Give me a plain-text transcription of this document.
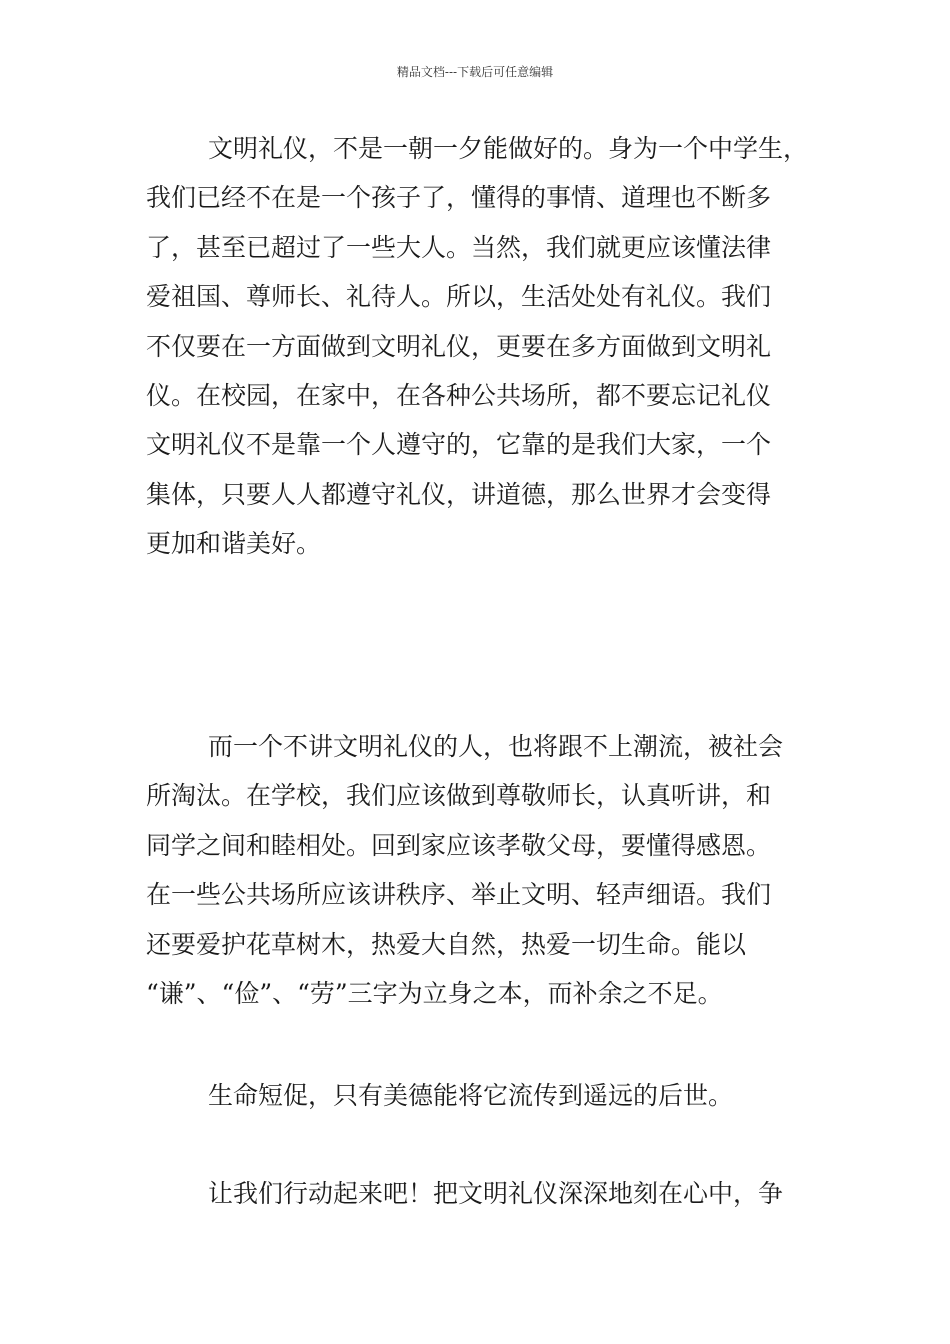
精品文档---下载后可任意编辑
文明礼仪，不是一朝一夕能做好的。身为一个中学生，
我们已经不在是一个孩子了，懂得的事情、道理也不断多
了，甚至已超过了一些大人。当然，我们就更应该懂法律
爱祖国、尊师长、礼待人。所以，生活处处有礼仪。我们
不仅要在一方面做到文明礼仪，更要在多方面做到文明礼
仪。在校园，在家中，在各种公共场所，都不要忘记礼仪
文明礼仪不是靠一个人遵守的，它靠的是我们大家，一个
集体，只要人人都遵守礼仪，讲道德，那么世界才会变得
更加和谐美好。
而一个不讲文明礼仪的人，也将跟不上潮流，被社会
所淘汰。在学校，我们应该做到尊敬师长，认真听讲，和
同学之间和睦相处。回到家应该孝敬父母，要懂得感恩。
在一些公共场所应该讲秩序、举止文明、轻声细语。我们
还要爱护花草树木，热爱大自然，热爱一切生命。能以
“谦”、“俭”、“劳”三字为立身之本，而补余之不足。
生命短促，只有美德能将它流传到遥远的后世。
让我们行动起来吧！把文明礼仪深深地刻在心中，争
